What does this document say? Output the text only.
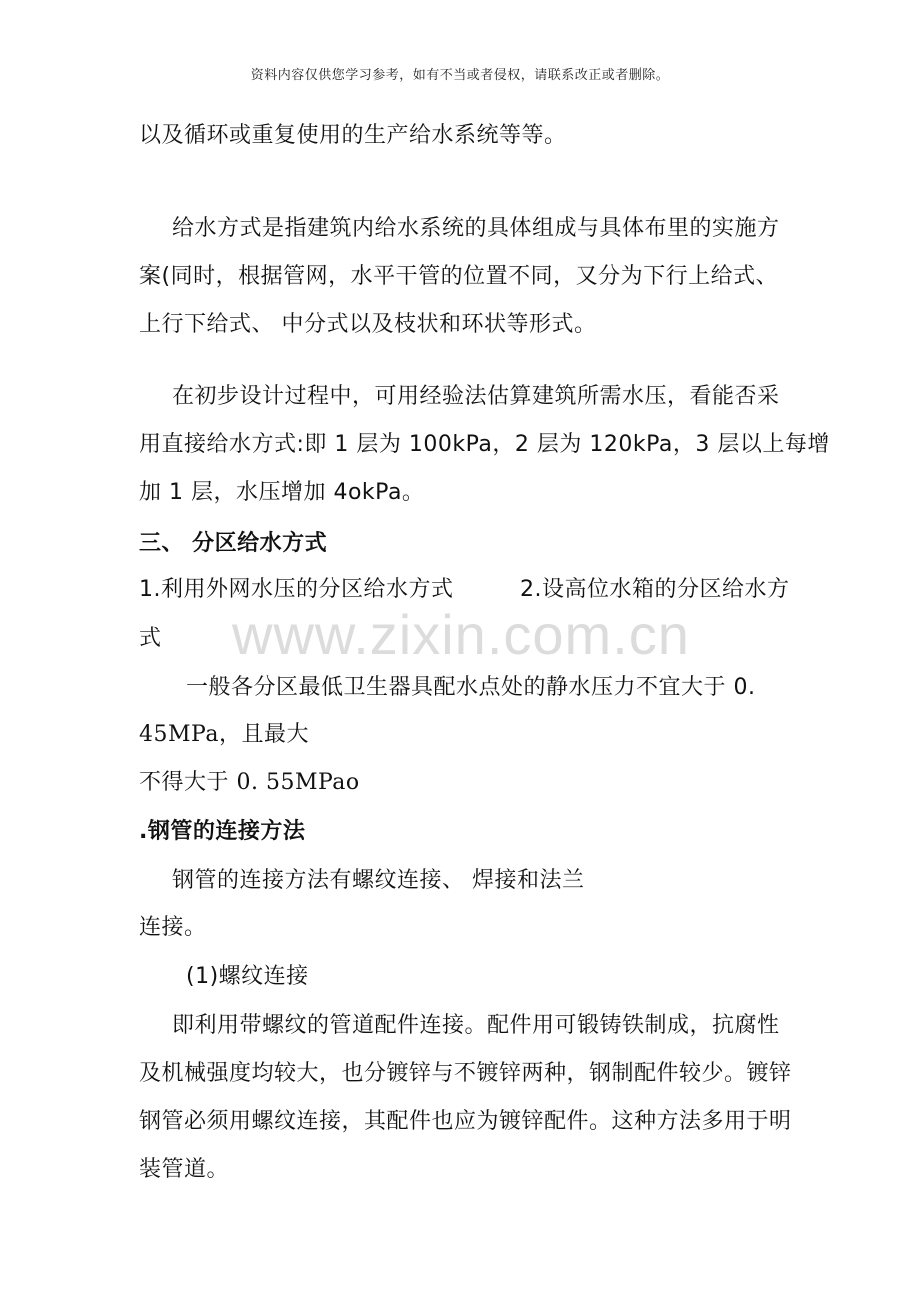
资料内容仅供您学习参考，如有不当或者侵权，请联系改正或者删除。
www.zixin.com.cn
以及循环或重复使用的生产给水系统等等。
给水方式是指建筑内给水系统的具体组成与具体布里的实施方
案(同时，根据管网，水平干管的位置不同，又分为下行上给式、
上行下给式、 中分式以及枝状和环状等形式。
在初步设计过程中，可用经验法估算建筑所需水压，看能否采
用直接给水方式:即 1 层为 100kPa，2 层为 120kPa，3 层以上每增
加 1 层，水压增加 4okPa。
三、 分区给水方式
1.利用外网水压的分区给水方式	2.设高位水箱的分区给水方
式
一般各分区最低卫生器具配水点处的静水压力不宜大于 0.
45MPa，且最大
不得大于 0. 55MPao
.钢管的连接方法
钢管的连接方法有螺纹连接、 焊接和法兰
连接。
(1)螺纹连接
即利用带螺纹的管道配件连接。配件用可锻铸铁制成，抗腐性
及机械强度均较大，也分镀锌与不镀锌两种，钢制配件较少。镀锌
钢管必须用螺纹连接，其配件也应为镀锌配件。这种方法多用于明
装管道。
